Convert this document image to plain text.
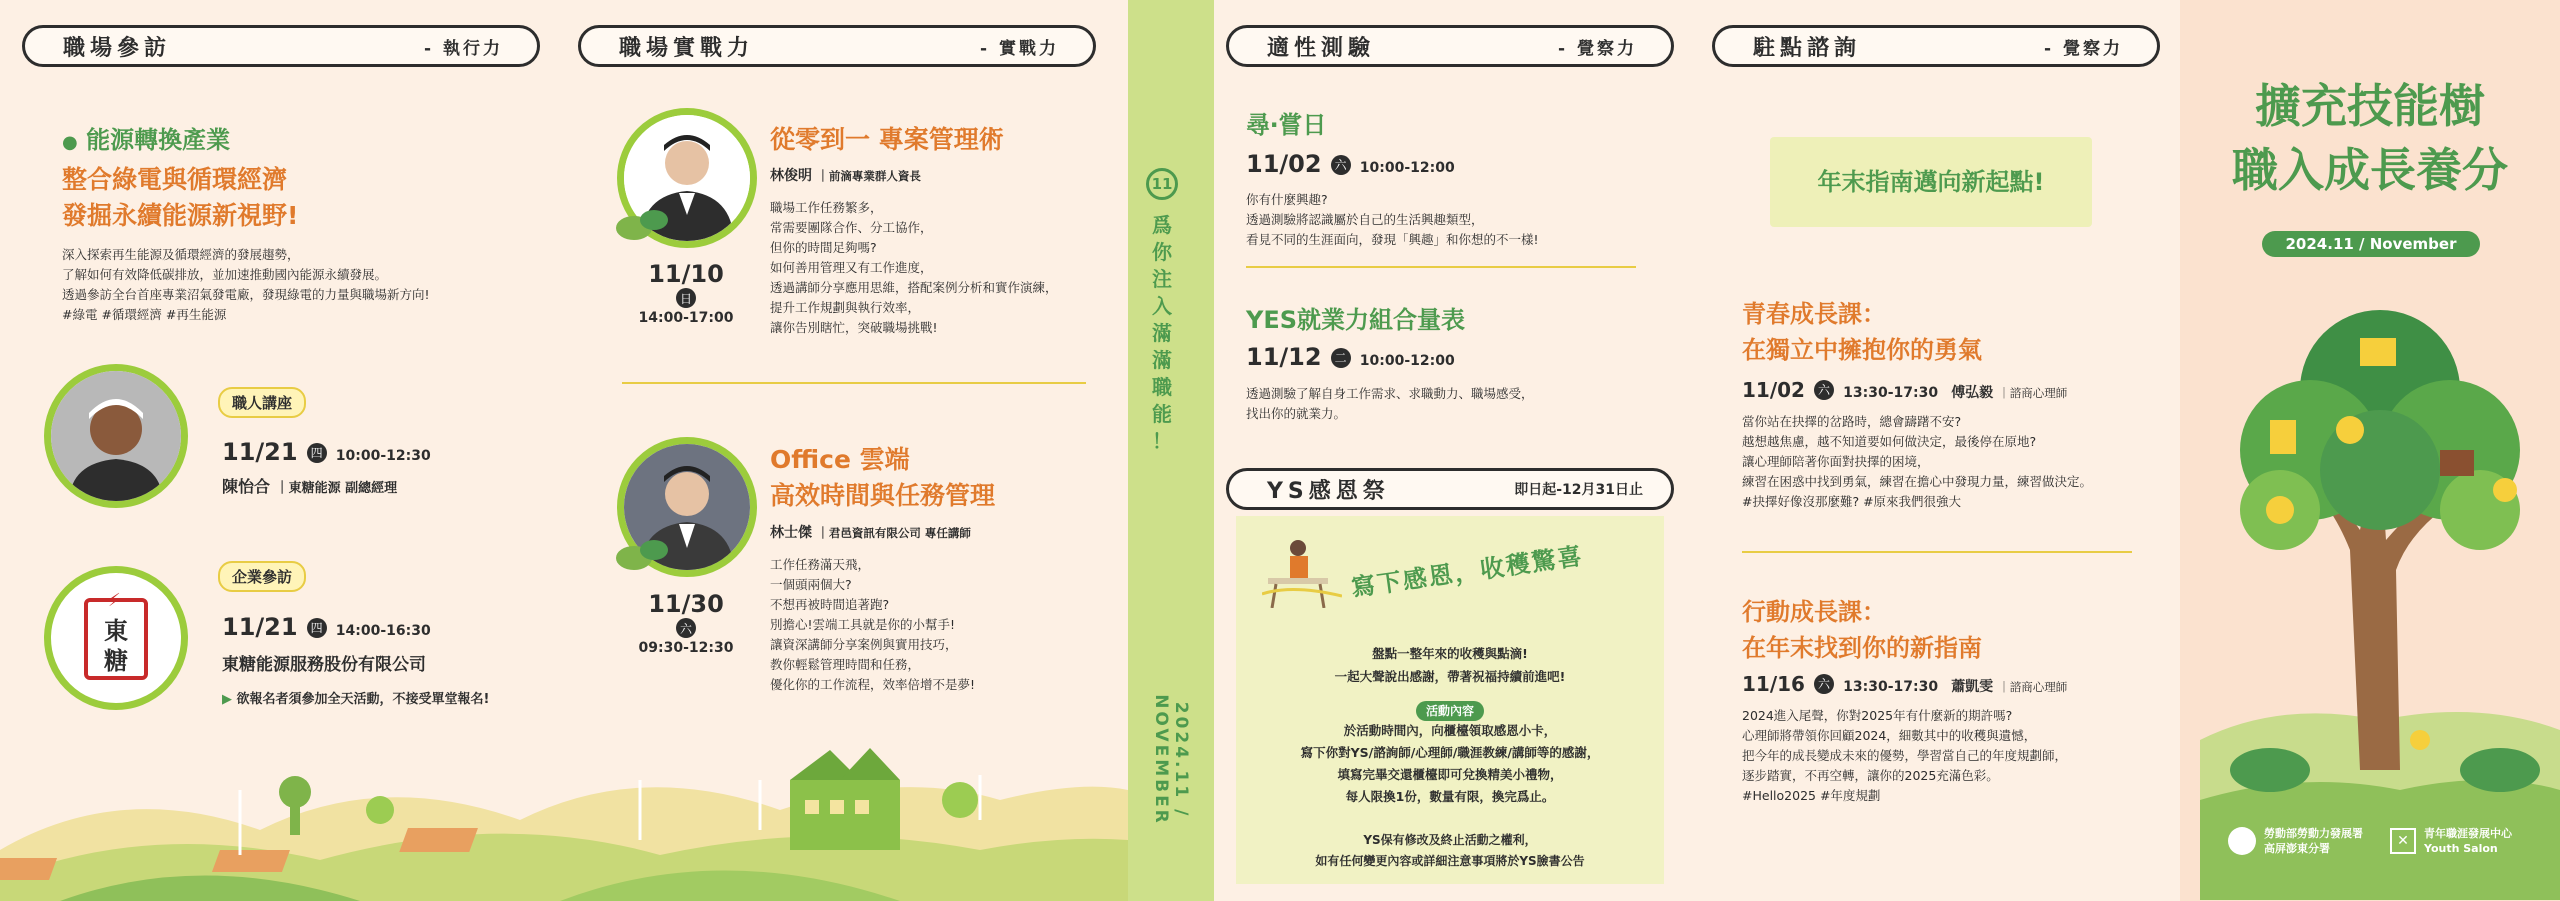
職場參訪	- 執行力
● 能源轉換產業
整合綠電與循環經濟
發掘永續能源新視野!
深入探索再生能源及循環經濟的發展趨勢，
了解如何有效降低碳排放，並加速推動國內能源永續發展。
透過參訪全台首座專業沼氣發電廠，發現綠電的力量與職場新方向!
#綠電 #循環經濟 #再生能源
職人講座
11/21 四 10:00-12:30
陳怡合 ｜東糖能源 副總經理
⚡
東糖
企業參訪
11/21 四 14:00-16:30
東糖能源服務股份有限公司
▶ 欲報名者須參加全天活動，不接受單堂報名!
職場實戰力	- 實戰力
11/10日
14:00-17:00
從零到一 專案管理術
林俊明 ｜前滴專業群人資長
職場工作任務繁多，
常需要團隊合作、分工協作，
但你的時間足夠嗎?
如何善用管理又有工作進度，
透過講師分享應用思維，搭配案例分析和實作演練，
提升工作規劃與執行效率，
讓你告別瞎忙，突破職場挑戰!
11/30六
09:30-12:30
Office 雲端
高效時間與任務管理
林士傑 ｜君邑資訊有限公司 專任講師
工作任務滿天飛，
一個頭兩個大?
不想再被時間追著跑?
別擔心!雲端工具就是你的小幫手!
讓資深講師分享案例與實用技巧，
教你輕鬆管理時間和任務，
優化你的工作流程，效率倍增不是夢!
11
爲
你
注
入
滿
滿
職
能
！
2024.11 / NOVEMBER
適性測驗	- 覺察力
尋‧嘗日
11/02 六 10:00-12:00
你有什麼興趣?
透過測驗將認識屬於自己的生活興趣類型，
看見不同的生涯面向，發現「興趣」和你想的不一樣!
YES就業力組合量表
11/12 二 10:00-12:00
透過測驗了解自身工作需求、求職動力、職場感受，
找出你的就業力。
YS感恩祭	即日起-12月31日止
寫下感恩，收穫驚喜
盤點一整年來的收穫與點滴!
一起大聲說出感謝，帶著祝福持續前進吧!
活動內容
於活動時間內，向櫃檯領取感恩小卡，
寫下你對YS/諮詢師/心理師/職涯教練/講師等的感謝，
填寫完畢交還櫃檯即可兌換精美小禮物，
每人限換1份，數量有限，換完爲止。
YS保有修改及終止活動之權利，
如有任何變更內容或詳細注意事項將於YS臉書公告
駐點諮詢	- 覺察力
年末指南邁向新起點!
青春成長課：
在獨立中擁抱你的勇氣
11/02 六 13:30-17:30 傅弘毅 ｜諮商心理師
當你站在抉擇的岔路時，總會躊躇不安?
越想越焦慮，越不知道要如何做決定，最後停在原地?
讓心理師陪著你面對抉擇的困境，
練習在困惑中找到勇氣，練習在擔心中發現力量，練習做決定。
#抉擇好像沒那麼難? #原來我們很強大
行動成長課：
在年末找到你的新指南
11/16 六 13:30-17:30 蕭凱雯 ｜諮商心理師
2024進入尾聲，你對2025年有什麼新的期許嗎?
心理師將帶領你回顧2024，細數其中的收穫與遺憾，
把今年的成長變成未來的優勢，學習當自己的年度規劃師，
逐步踏實，不再空轉，讓你的2025充滿色彩。
#Hello2025 #年度規劃
擴充技能樹
職入成長養分
2024.11 / November
勞動部勞動力發展署
高屏澎東分署	✕	青年職涯發展中心
Youth Salon
